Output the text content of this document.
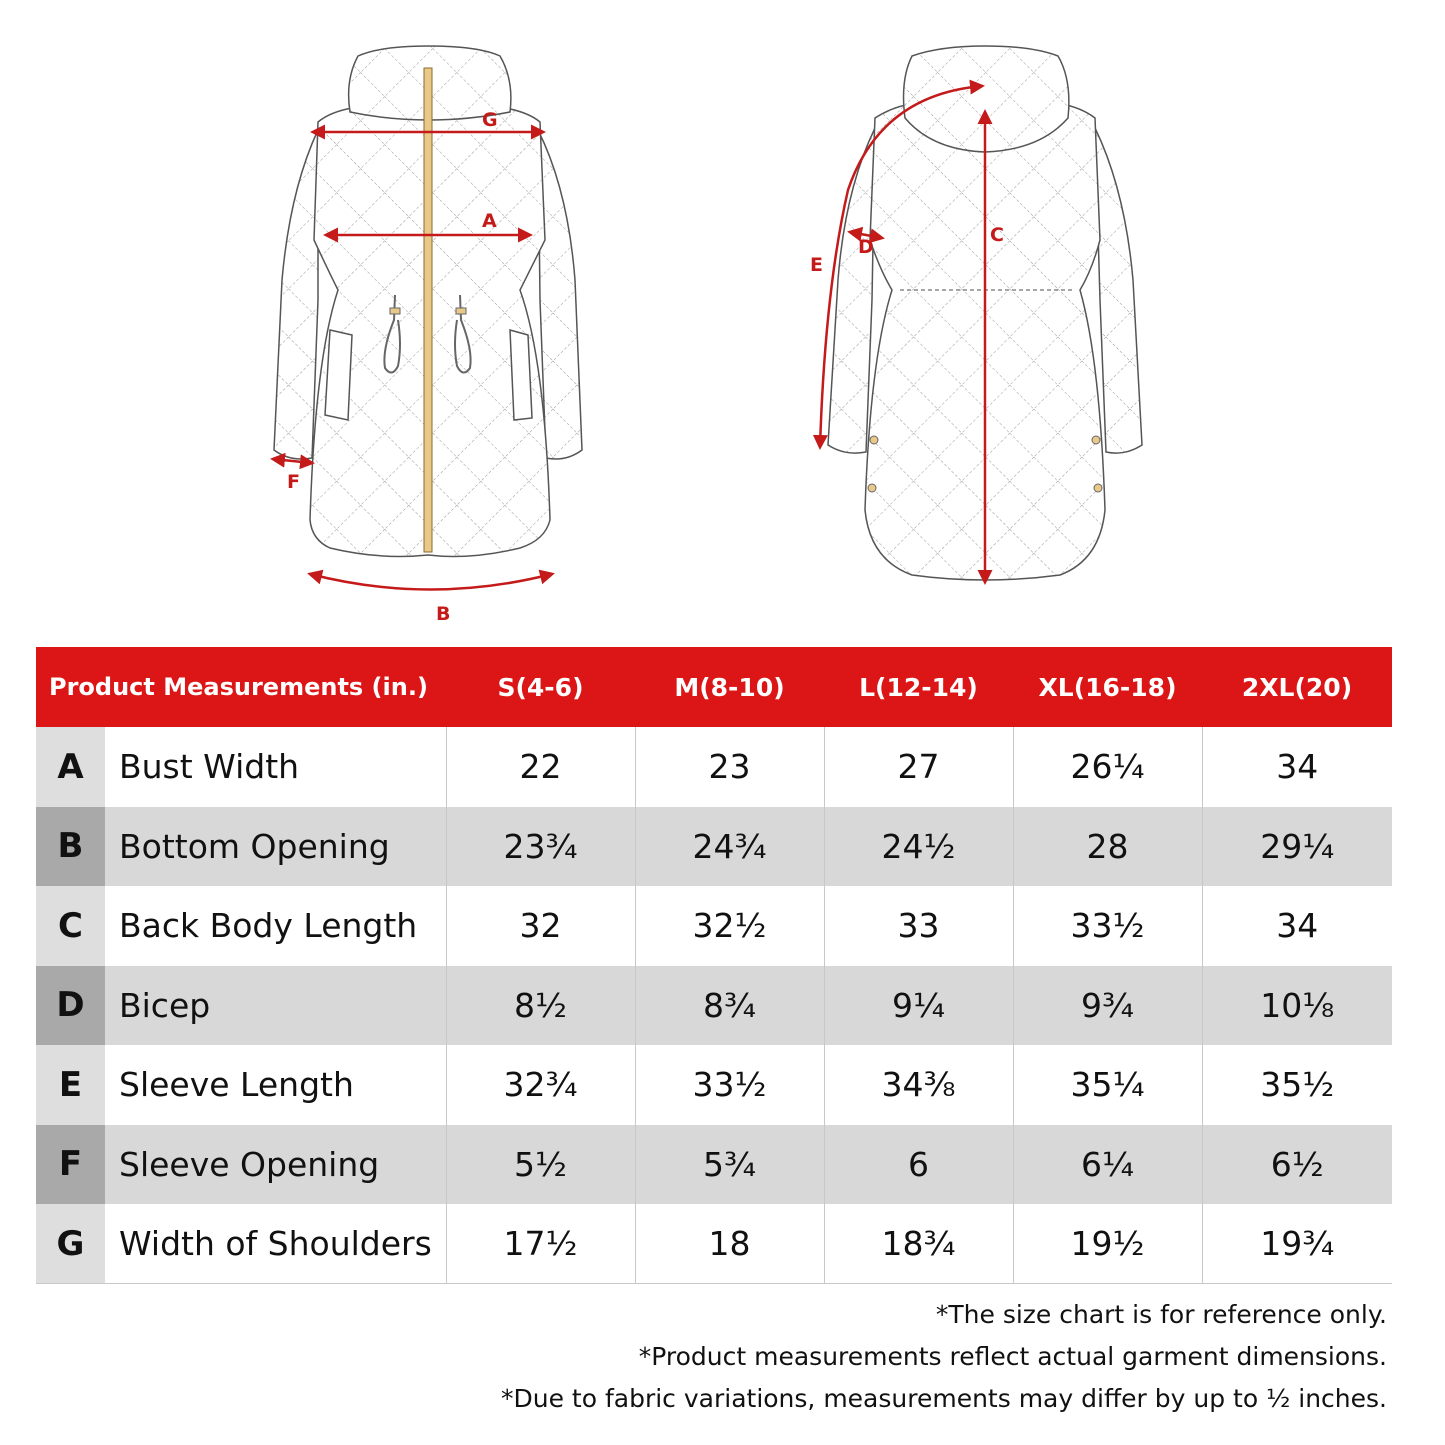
G
A
F
B
E
D
C
Product Measurements (in.)		S(4-6)	M(8-10)	L(12-14)	XL(16-18)	2XL(20)
A	Bust Width	22	23	27	26¼	34
B	Bottom Opening	23¾	24¾	24½	28	29¼
C	Back Body Length	32	32½	33	33½	34
D	Bicep	8½	8¾	9¼	9¾	10⅛
E	Sleeve Length	32¾	33½	34⅜	35¼	35½
F	Sleeve Opening	5½	5¾	6	6¼	6½
G	Width of Shoulders	17½	18	18¾	19½	19¾
*The size chart is for reference only.
*Product measurements reflect actual garment dimensions.
*Due to fabric variations, measurements may differ by up to ½ inches.
